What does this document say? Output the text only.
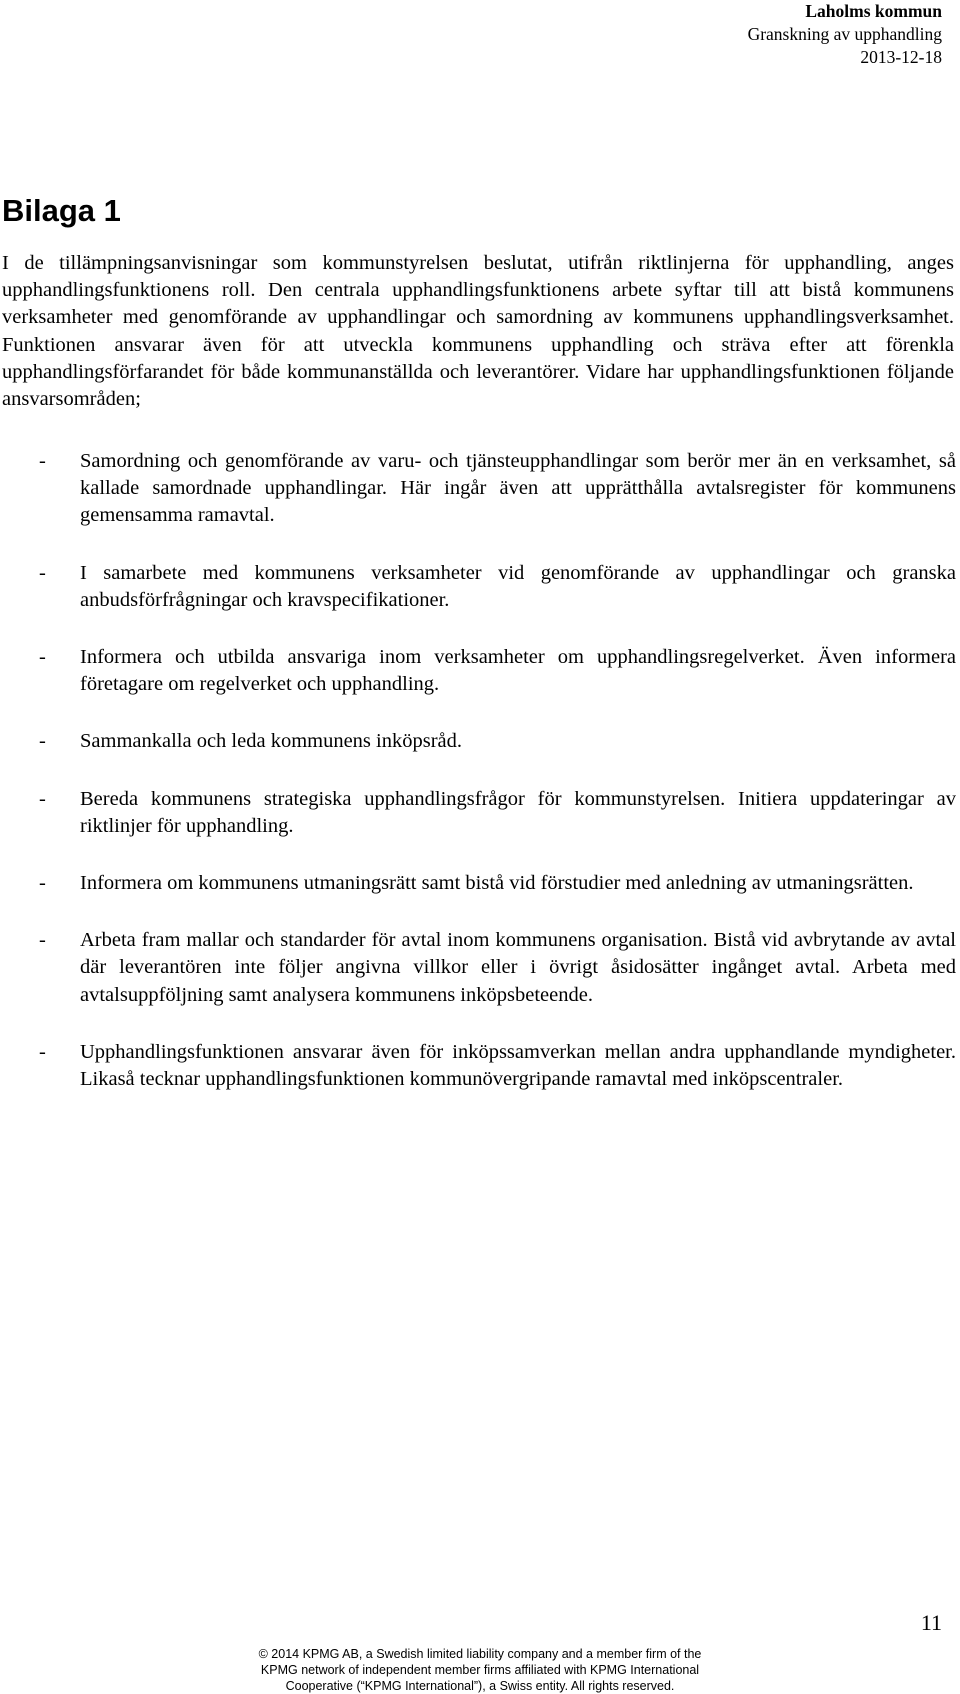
Laholms kommun
Granskning av upphandling
2013-12-18
Bilaga 1

I de tillämpningsanvisningar som kommunstyrelsen beslutat, utifrån riktlinjerna för upphandling, anges upphandlingsfunktionens roll. Den centrala upphandlingsfunktionens arbete syftar till att bistå kommunens verksamheter med genomförande av upphandlingar och samordning av kommunens upphandlingsverksamhet. Funktionen ansvarar även för att utveckla kommunens upphandling och sträva efter att förenkla upphandlingsförfarandet för både kommunanställda och leverantörer. Vidare har upphandlingsfunktionen följande ansvarsområden;

- Samordning och genomförande av varu- och tjänsteupphandlingar som berör mer än en verksamhet, så kallade samordnade upphandlingar. Här ingår även att upprätthålla avtalsregister för kommunens gemensamma ramavtal.
- I samarbete med kommunens verksamheter vid genomförande av upphandlingar och granska anbudsförfrågningar och kravspecifikationer.
- Informera och utbilda ansvariga inom verksamheter om upphandlingsregelverket. Även informera företagare om regelverket och upphandling.
- Sammankalla och leda kommunens inköpsråd.
- Bereda kommunens strategiska upphandlingsfrågor för kommunstyrelsen. Initiera uppdateringar av riktlinjer för upphandling.
- Informera om kommunens utmaningsrätt samt bistå vid förstudier med anledning av utmaningsrätten.
- Arbeta fram mallar och standarder för avtal inom kommunens organisation. Bistå vid avbrytande av avtal där leverantören inte följer angivna villkor eller i övrigt åsidosätter ingånget avtal. Arbeta med avtalsuppföljning samt analysera kommunens inköpsbeteende.
- Upphandlingsfunktionen ansvarar även för inköpssamverkan mellan andra upphandlande myndigheter. Likaså tecknar upphandlingsfunktionen kommunövergripande ramavtal med inköpscentraler.
11
© 2014 KPMG AB, a Swedish limited liability company and a member firm of the
KPMG network of independent member firms affiliated with KPMG International
Cooperative (“KPMG International”), a Swiss entity. All rights reserved.
